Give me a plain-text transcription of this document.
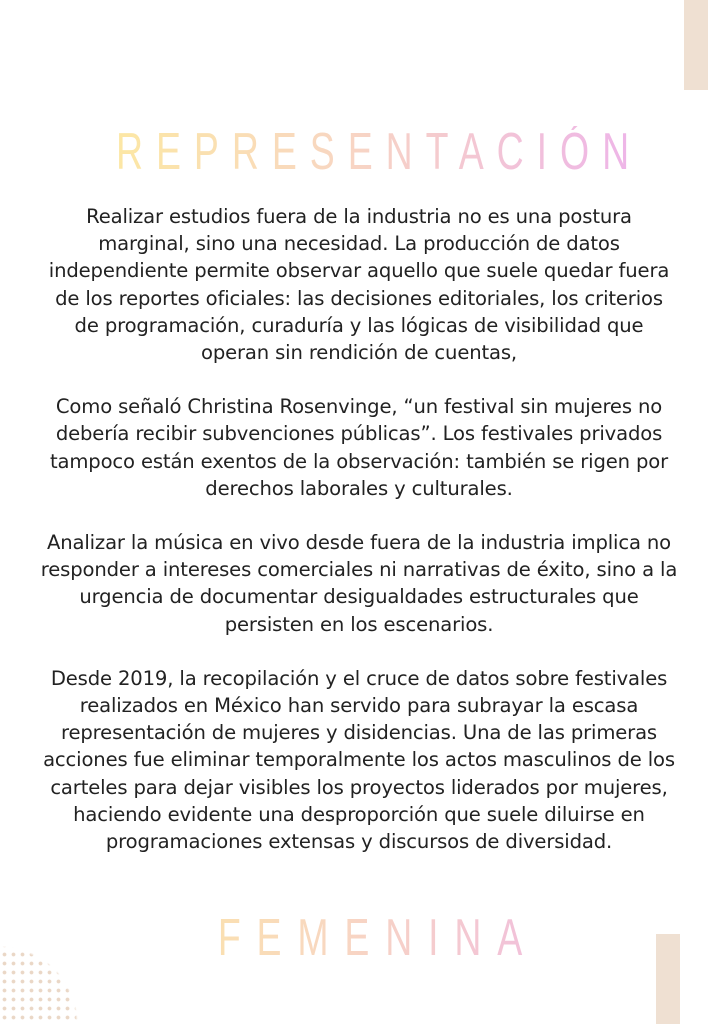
REPRESENTACIÓN

Realizar estudios fuera de la industria no es una postura marginal, sino una necesidad. La producción de datos independiente permite observar aquello que suele quedar fuera de los reportes oficiales: las decisiones editoriales, los criterios de programación, curaduría y las lógicas de visibilidad que operan sin rendición de cuentas,

Como señaló Christina Rosenvinge, “un festival sin mujeres no debería recibir subvenciones públicas”. Los festivales privados tampoco están exentos de la observación: también se rigen por derechos laborales y culturales.

Analizar la música en vivo desde fuera de la industria implica no responder a intereses comerciales ni narrativas de éxito, sino a la urgencia de documentar desigualdades estructurales que persisten en los escenarios.

Desde 2019, la recopilación y el cruce de datos sobre festivales realizados en México han servido para subrayar la escasa representación de mujeres y disidencias. Una de las primeras acciones fue eliminar temporalmente los actos masculinos de los carteles para dejar visibles los proyectos liderados por mujeres, haciendo evidente una desproporción que suele diluirse en programaciones extensas y discursos de diversidad.

FEMENINA
